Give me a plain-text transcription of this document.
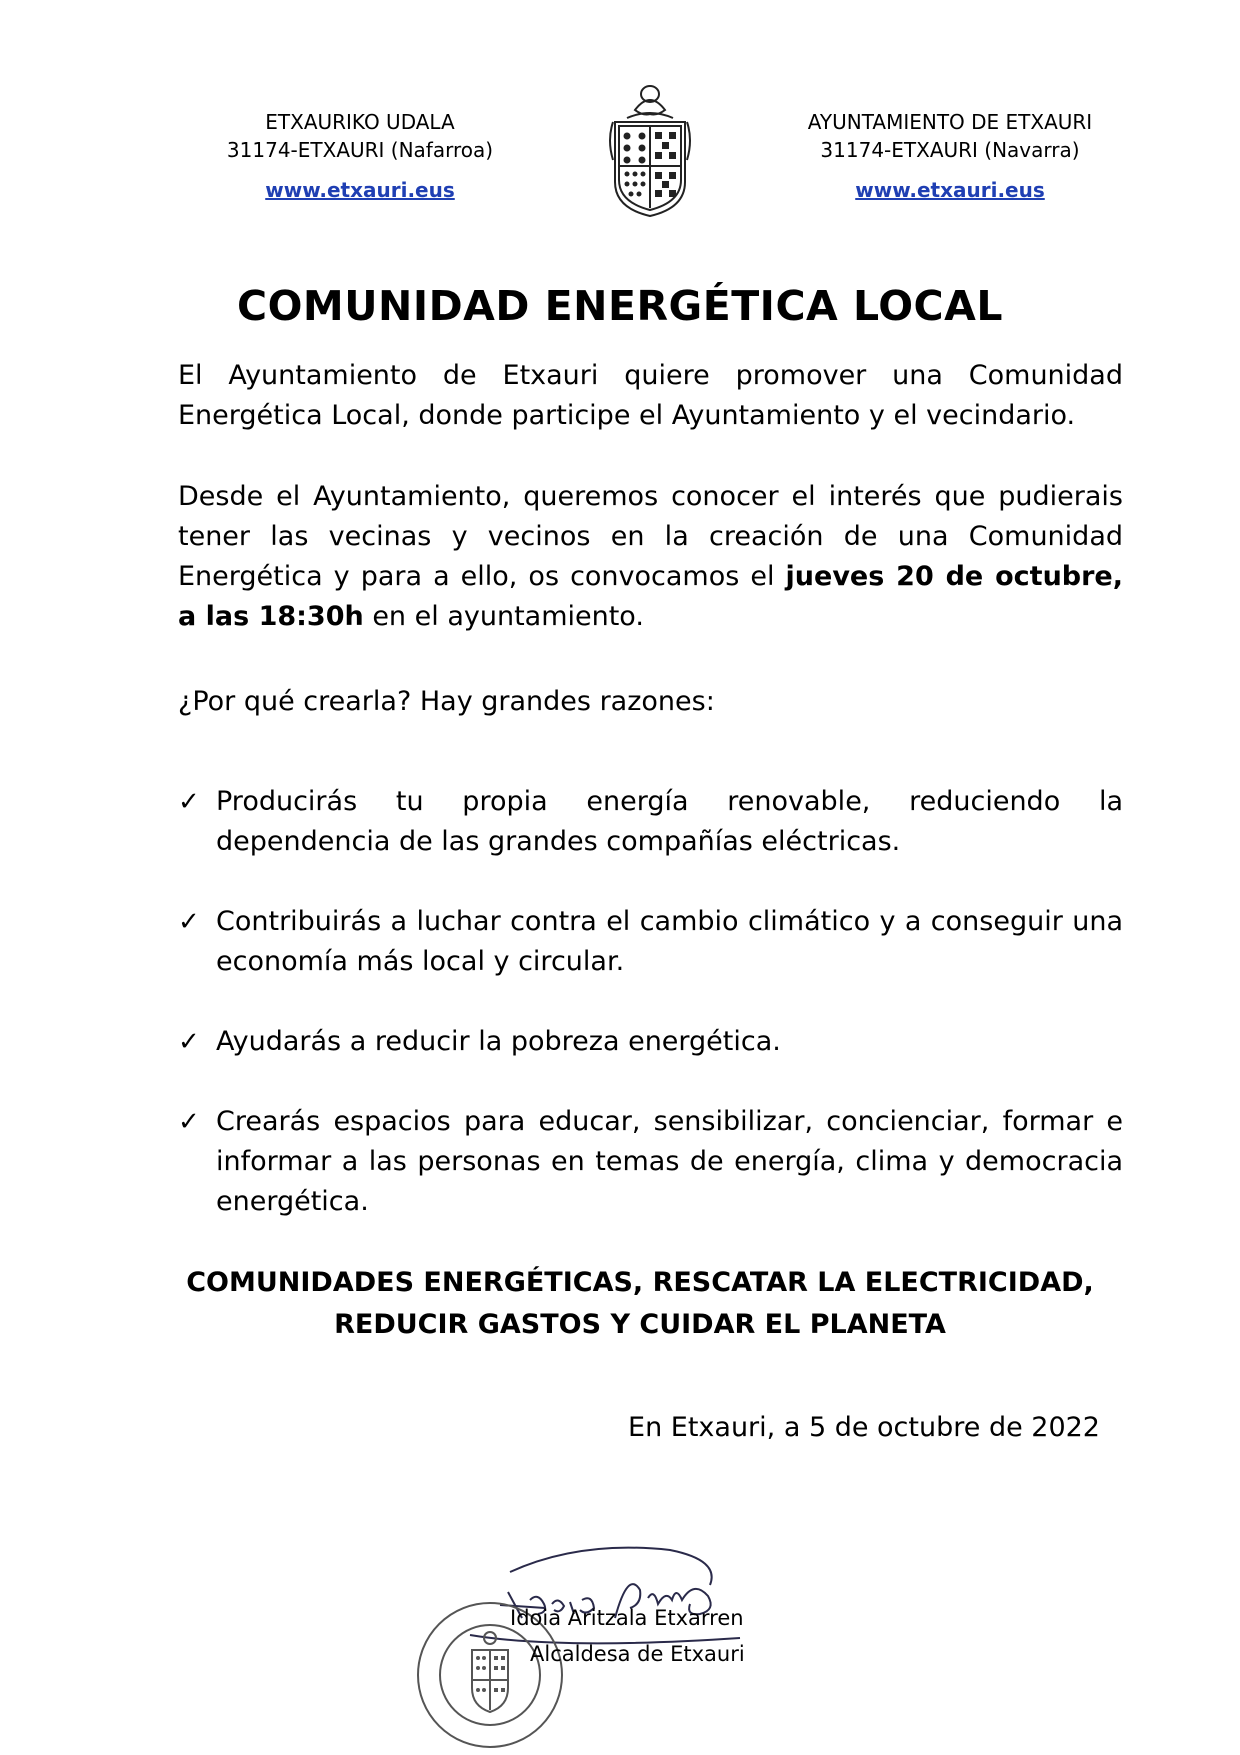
ETXAURIKO UDALA
31174-ETXAURI (Nafarroa)
www.etxauri.eus
AYUNTAMIENTO DE ETXAURI
31174-ETXAURI (Navarra)
www.etxauri.eus
COMUNIDAD ENERGÉTICA LOCAL
El Ayuntamiento de Etxauri quiere promover una Comunidad Energética Local, donde participe el Ayuntamiento y el vecindario.
Desde el Ayuntamiento, queremos conocer el interés que pudierais tener las vecinas y vecinos en la creación de una Comunidad Energética y para a ello, os convocamos el jueves 20 de octubre, a las 18:30h en el ayuntamiento.
¿Por qué crearla? Hay grandes razones:
✓ Producirás tu propia energía renovable, reduciendo la dependencia de las grandes compañías eléctricas.
✓ Contribuirás a luchar contra el cambio climático y a conseguir una economía más local y circular.
✓ Ayudarás a reducir la pobreza energética.
✓ Crearás espacios para educar, sensibilizar, concienciar, formar e informar a las personas en temas de energía, clima y democracia energética.
COMUNIDADES ENERGÉTICAS, RESCATAR LA ELECTRICIDAD,
REDUCIR GASTOS Y CUIDAR EL PLANETA
En Etxauri, a 5 de octubre de 2022
Idoia Aritzala Etxarren
Alcaldesa de Etxauri
